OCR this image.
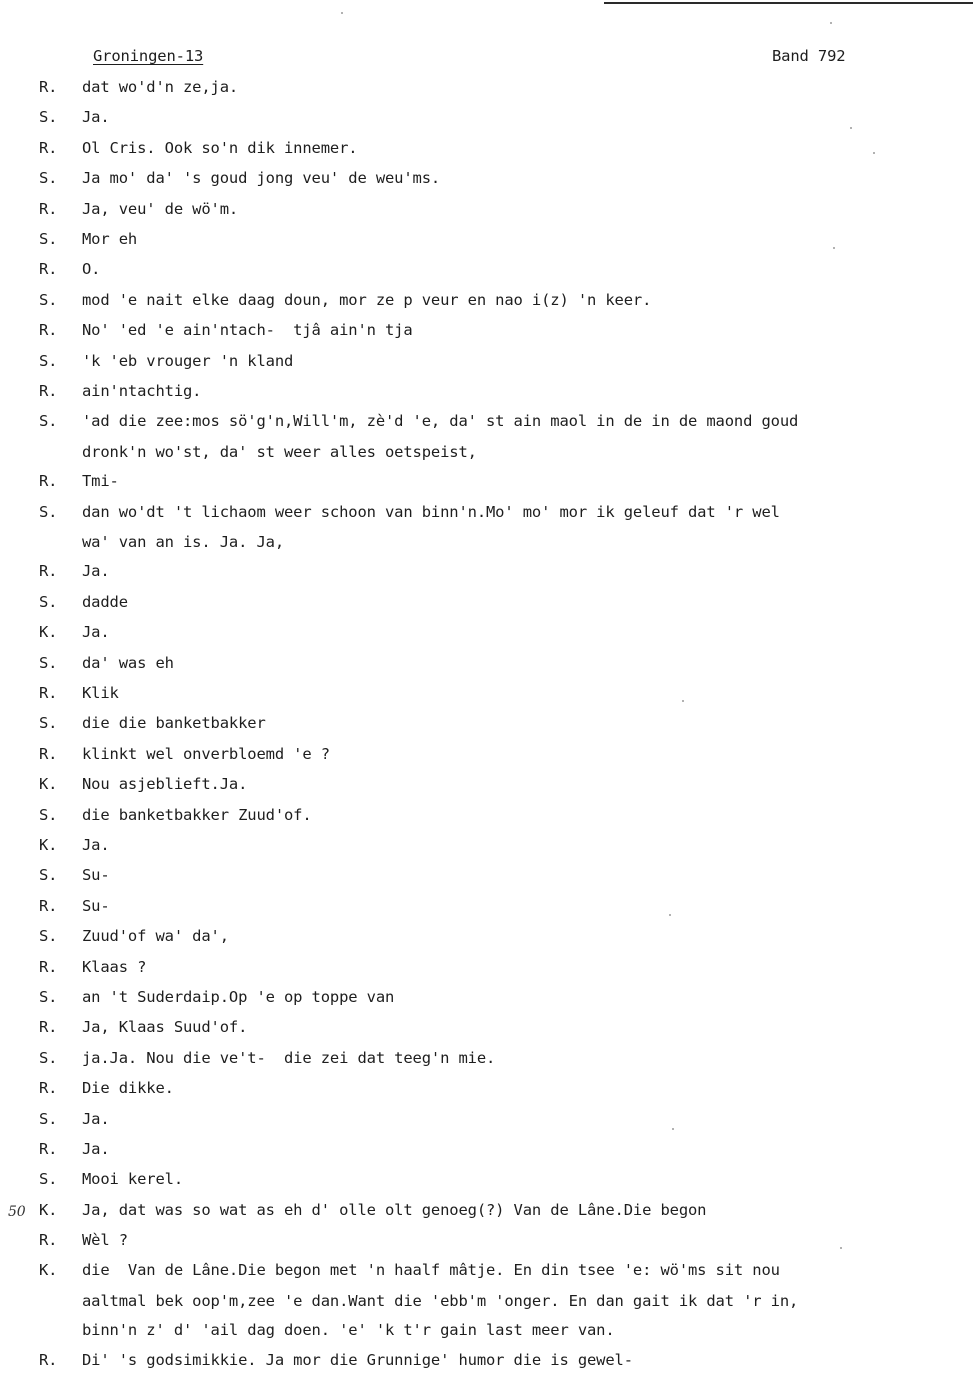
Groningen-13	Band 792
R. dat wo'd'n ze,ja.
S. Ja.
R. Ol Cris. Ook so'n dik innemer.
S. Ja mo' da' 's goud jong veu' de weu'ms.
R. Ja, veu' de wö'm.
S. Mor eh
R. O.
S. mod 'e nait elke daag doun, mor ze p veur en nao i(z) 'n keer.
R. No' 'ed 'e ain'ntach-  tjâ ain'n tja
S. 'k 'eb vrouger 'n kland
R. ain'ntachtig.
S. 'ad die zee:mos sö'g'n,Will'm, zè'd 'e, da' st ain maol in de in de maond goud
dronk'n wo'st, da' st weer alles oetspeist,
R. Tmi-
S. dan wo'dt 't lichaom weer schoon van binn'n.Mo' mo' mor ik geleuf dat 'r wel
wa' van an is. Ja. Ja,
R. Ja.
S. dadde
K. Ja.
S. da' was eh
R. Klik
S. die die banketbakker
R. klinkt wel onverbloemd 'e ?
K. Nou asjeblieft.Ja.
S. die banketbakker Zuud'of.
K. Ja.
S. Su-
R. Su-
S. Zuud'of wa' da',
R. Klaas ?
S. an 't Suderdaip.Op 'e op toppe van
R. Ja, Klaas Suud'of.
S. ja.Ja. Nou die ve't-  die zei dat teeg'n mie.
R. Die dikke.
S. Ja.
R. Ja.
S. Mooi kerel.
50 K. Ja, dat was so wat as eh d' olle olt genoeg(?) Van de Lâne.Die begon
R. Wèl ?
K. die  Van de Lâne.Die begon met 'n haalf mâtje. En din tsee 'e: wö'ms sit nou
aaltmal bek oop'm,zee 'e dan.Want die 'ebb'm 'onger. En dan gait ik dat 'r in,
binn'n z' d' 'ail dag doen. 'e' 'k t'r gain last meer van.
R. Di' 's godsimikkie. Ja mor die Grunnige' humor die is gewel-
